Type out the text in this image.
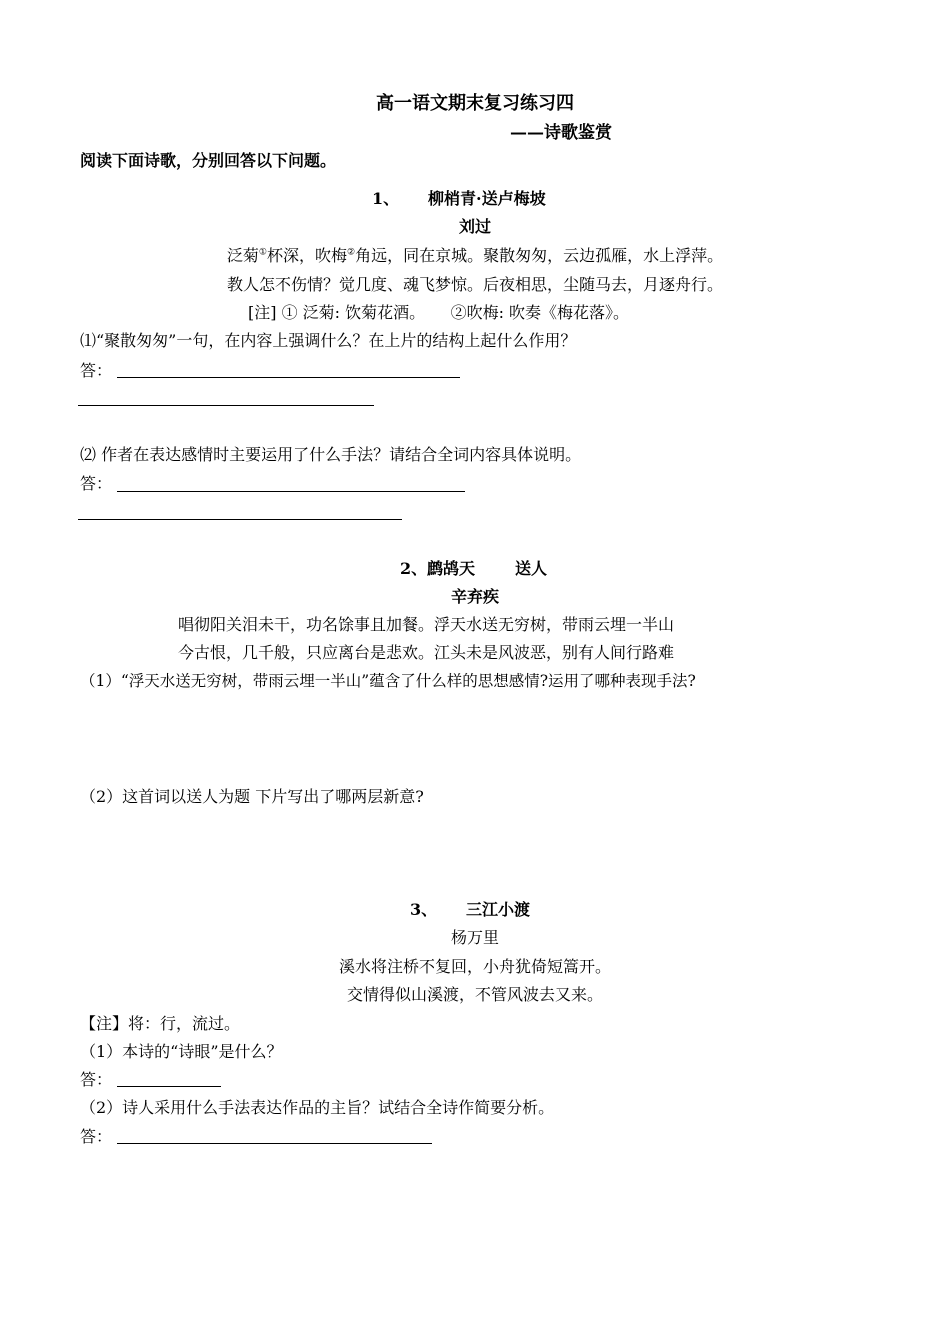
高一语文期末复习练习四
——诗歌鉴赏
阅读下面诗歌，分别回答以下问题。
1、 柳梢青·送卢梅坡
刘过
泛菊①杯深，吹梅②角远，同在京城。聚散匆匆，云边孤雁，水上浮萍。
教人怎不伤情？觉几度、魂飞梦惊。后夜相思，尘随马去，月逐舟行。
[注] ① 泛菊: 饮菊花酒。     ②吹梅: 吹奏《梅花落》。
⑴“聚散匆匆”一句，在内容上强调什么？在上片的结构上起什么作用？
答：
⑵ 作者在表达感情时主要运用了什么手法？请结合全词内容具体说明。
答：
2、 鹧鸪天 送人
辛弃疾
唱彻阳关泪未干，功名馀事且加餐。浮天水送无穷树，带雨云埋一半山
今古恨，几千般，只应离台是悲欢。江头未是风波恶，别有人间行路难
（1）“浮天水送无穷树，带雨云埋一半山”蕴含了什么样的思想感情?运用了哪种表现手法?
（2）这首词以送人为题 下片写出了哪两层新意?
3、 三江小渡
杨万里
溪水将注桥不复回，小舟犹倚短篙开。
交情得似山溪渡，不管风波去又来。
【注】将：行，流过。
（1）本诗的“诗眼”是什么？
答：
（2）诗人采用什么手法表达作品的主旨？试结合全诗作简要分析。
答：
